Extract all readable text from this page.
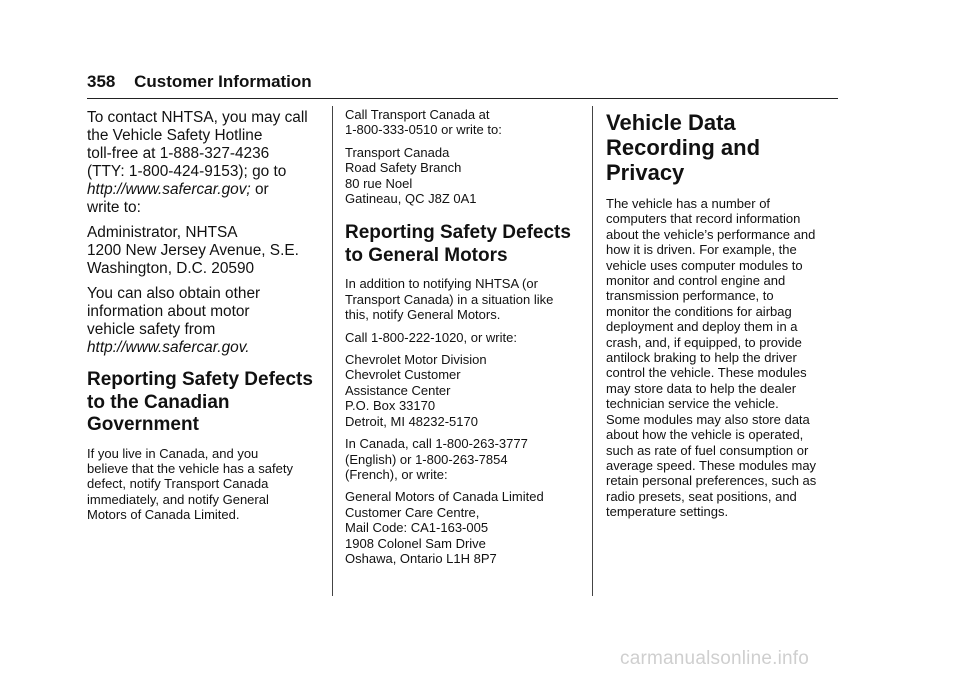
358 Customer Information

To contact NHTSA, you may call
the Vehicle Safety Hotline
toll-free at 1-888-327-4236
(TTY: 1-800-424-9153); go to
http://www.safercar.gov; or
write to:

Administrator, NHTSA
1200 New Jersey Avenue, S.E.
Washington, D.C. 20590

You can also obtain other
information about motor
vehicle safety from
http://www.safercar.gov.

Reporting Safety Defects
to the Canadian
Government

If you live in Canada, and you
believe that the vehicle has a safety
defect, notify Transport Canada
immediately, and notify General
Motors of Canada Limited.

Call Transport Canada at
1-800-333-0510 or write to:

Transport Canada
Road Safety Branch
80 rue Noel
Gatineau, QC J8Z 0A1

Reporting Safety Defects
to General Motors

In addition to notifying NHTSA (or
Transport Canada) in a situation like
this, notify General Motors.

Call 1-800-222-1020, or write:

Chevrolet Motor Division
Chevrolet Customer
Assistance Center
P.O. Box 33170
Detroit, MI 48232-5170

In Canada, call 1-800-263-3777
(English) or 1-800-263-7854
(French), or write:

General Motors of Canada Limited
Customer Care Centre,
Mail Code: CA1-163-005
1908 Colonel Sam Drive
Oshawa, Ontario L1H 8P7

Vehicle Data
Recording and
Privacy

The vehicle has a number of
computers that record information
about the vehicle’s performance and
how it is driven. For example, the
vehicle uses computer modules to
monitor and control engine and
transmission performance, to
monitor the conditions for airbag
deployment and deploy them in a
crash, and, if equipped, to provide
antilock braking to help the driver
control the vehicle. These modules
may store data to help the dealer
technician service the vehicle.
Some modules may also store data
about how the vehicle is operated,
such as rate of fuel consumption or
average speed. These modules may
retain personal preferences, such as
radio presets, seat positions, and
temperature settings.

carmanualsonline.info
